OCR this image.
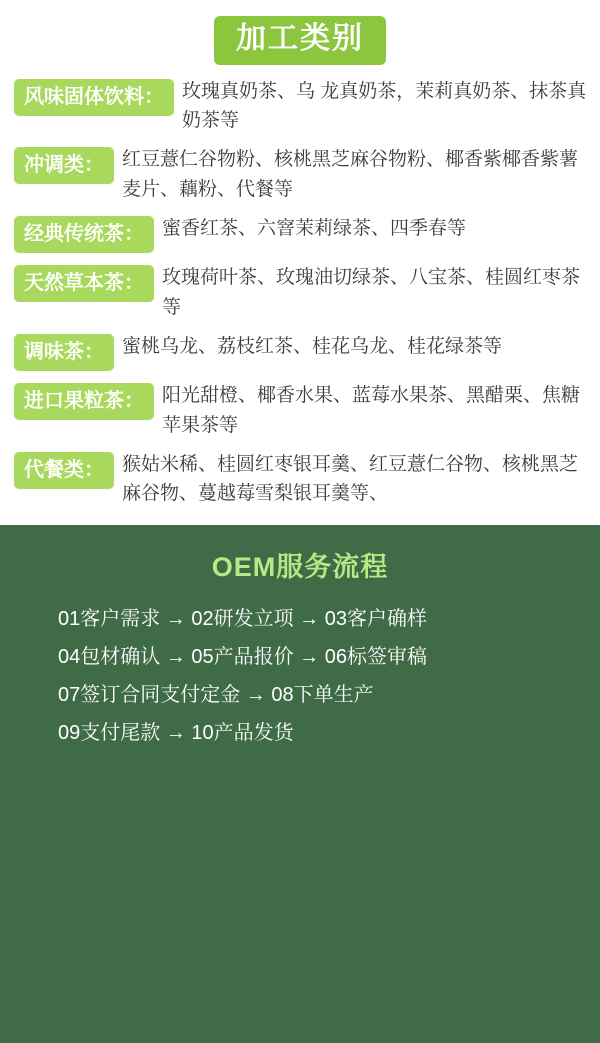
加工类别
风味固体饮料： 玫瑰真奶茶、乌 龙真奶茶，茉莉真奶茶、抹茶真奶茶等
冲调类： 红豆薏仁谷物粉、核桃黑芝麻谷物粉、椰香紫椰香紫薯麦片、藕粉、代餐等
经典传统茶： 蜜香红茶、六窨茉莉绿茶、四季春等
天然草本茶： 玫瑰荷叶茶、玫瑰油切绿茶、八宝茶、桂圆红枣茶等
调味茶： 蜜桃乌龙、荔枝红茶、桂花乌龙、桂花绿茶等
进口果粒茶： 阳光甜橙、椰香水果、蓝莓水果茶、黑醋栗、焦糖苹果茶等
代餐类： 猴姑米稀、桂圆红枣银耳羹、红豆薏仁谷物、核桃黑芝麻谷物、蔓越莓雪梨银耳羹等、
OEM服务流程
01客户需求 → 02研发立项 → 03客户确样
04包材确认 → 05产品报价 → 06标签审稿
07签订合同支付定金 → 08下单生产
09支付尾款 → 10产品发货
